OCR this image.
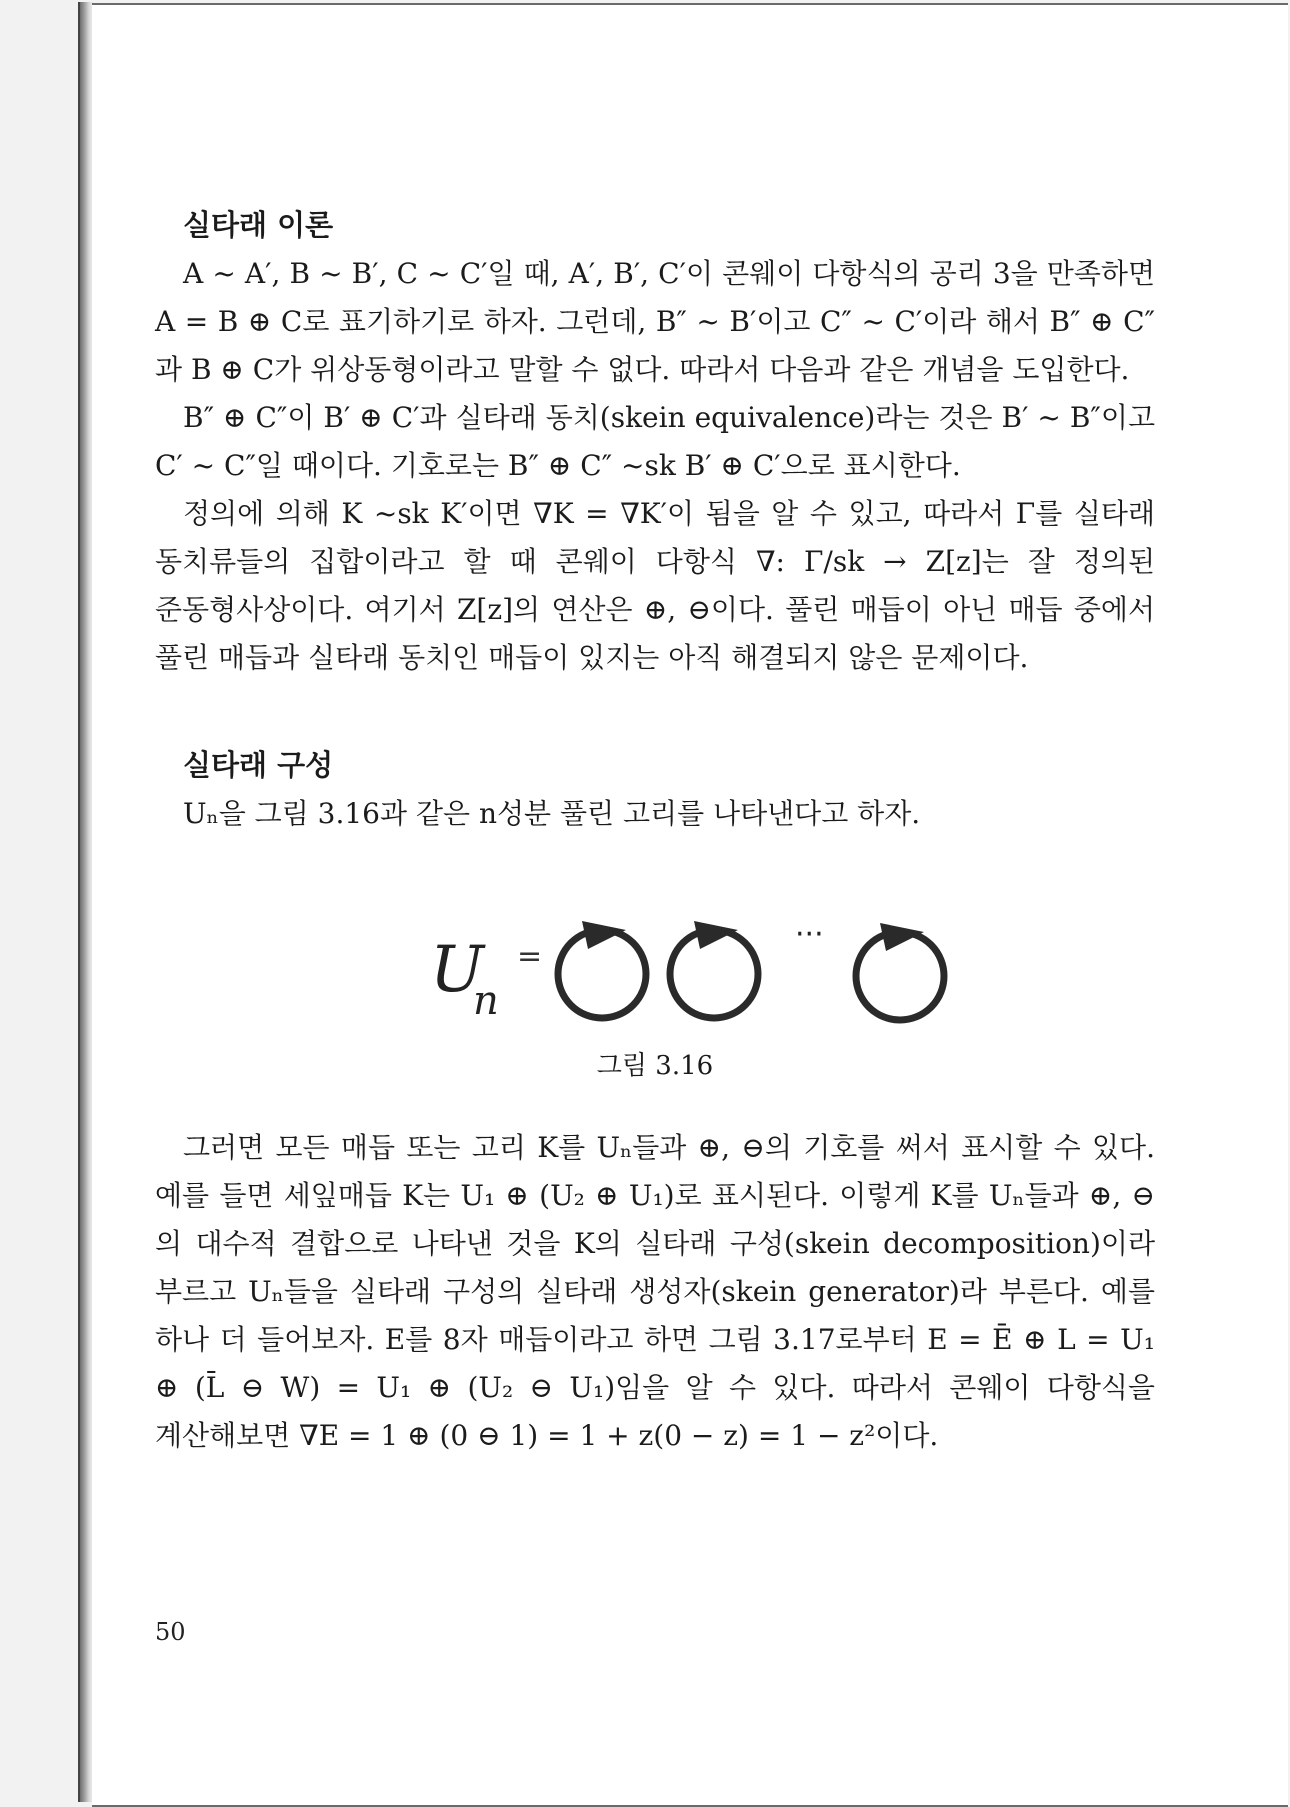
실타래 이론

A ~ A′, B ~ B′, C ~ C′일 때, A′, B′, C′이 콘웨이 다항식의 공리 3을 만족하면 A = B ⊕ C로 표기하기로 하자. 그런데, B″ ~ B′이고 C″ ~ C′이라 해서 B″ ⊕ C″과 B ⊕ C가 위상동형이라고 말할 수 없다. 따라서 다음과 같은 개념을 도입한다.

B″ ⊕ C″이 B′ ⊕ C′과 실타래 동치(skein equivalence)라는 것은 B′ ~ B″이고 C′ ~ C″일 때이다. 기호로는 B″ ⊕ C″ ~sk B′ ⊕ C′으로 표시한다.

정의에 의해 K ~sk K′이면 ∇K = ∇K′이 됨을 알 수 있고, 따라서 Γ를 실타래 동치류들의 집합이라고 할 때 콘웨이 다항식 ∇: Γ/sk → Z[z]는 잘 정의된 준동형사상이다. 여기서 Z[z]의 연산은 ⊕, ⊖이다. 풀린 매듭이 아닌 매듭 중에서 풀린 매듭과 실타래 동치인 매듭이 있지는 아직 해결되지 않은 문제이다.

실타래 구성

Uₙ을 그림 3.16과 같은 n성분 풀린 고리를 나타낸다고 하자.

U
n
=
···

그림 3.16

그러면 모든 매듭 또는 고리 K를 Uₙ들과 ⊕, ⊖의 기호를 써서 표시할 수 있다. 예를 들면 세잎매듭 K는 U₁ ⊕ (U₂ ⊕ U₁)로 표시된다. 이렇게 K를 Uₙ들과 ⊕, ⊖의 대수적 결합으로 나타낸 것을 K의 실타래 구성(skein decomposition)이라 부르고 Uₙ들을 실타래 구성의 실타래 생성자(skein generator)라 부른다. 예를 하나 더 들어보자. E를 8자 매듭이라고 하면 그림 3.17로부터 E = Ē ⊕ L = U₁ ⊕ (L̄ ⊖ W) = U₁ ⊕ (U₂ ⊖ U₁)임을 알 수 있다. 따라서 콘웨이 다항식을 계산해보면 ∇E = 1 ⊕ (0 ⊖ 1) = 1 + z(0 − z) = 1 − z²이다.

50
